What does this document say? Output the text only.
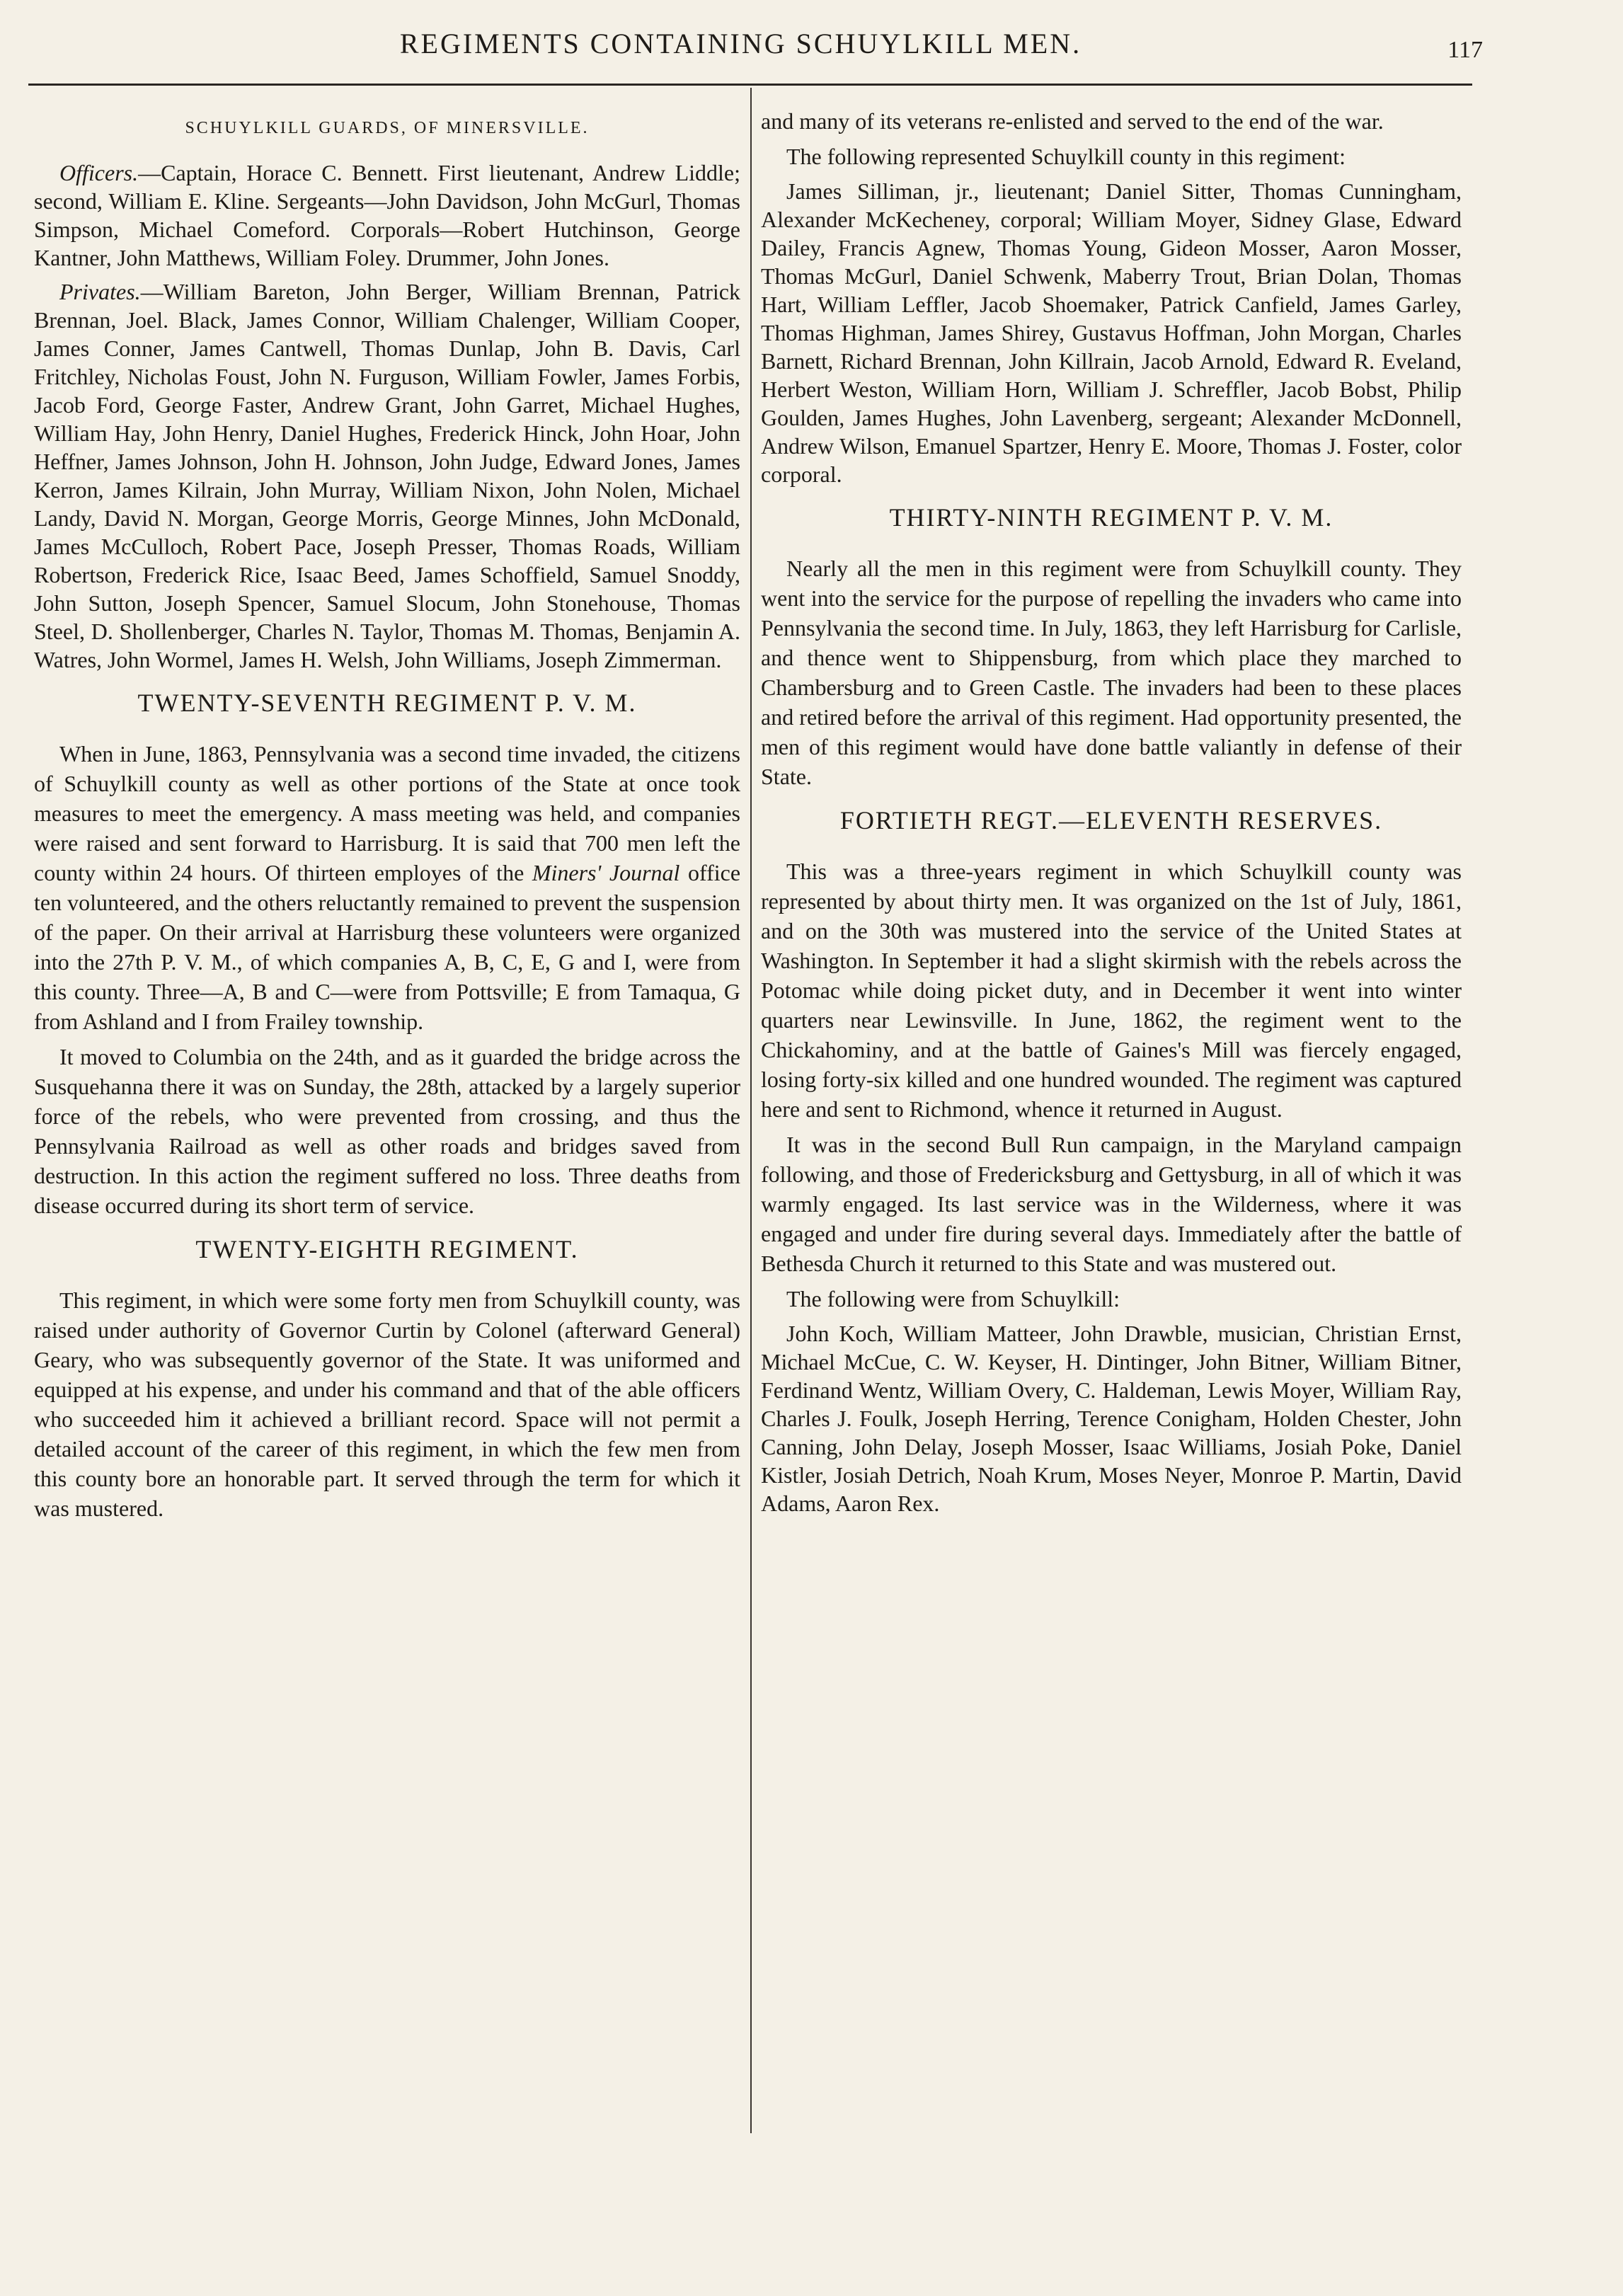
REGIMENTS CONTAINING SCHUYLKILL MEN.	117
SCHUYLKILL GUARDS, OF MINERSVILLE.

Officers.—Captain, Horace C. Bennett. First lieutenant, Andrew Liddle; second, William E. Kline. Sergeants—John Davidson, John McGurl, Thomas Simpson, Michael Comeford. Corporals—Robert Hutchinson, George Kantner, John Matthews, William Foley. Drummer, John Jones.

Privates.—William Bareton, John Berger, William Brennan, Patrick Brennan, Joel. Black, James Connor, William Chalenger, William Cooper, James Conner, James Cantwell, Thomas Dunlap, John B. Davis, Carl Fritchley, Nicholas Foust, John N. Furguson, William Fowler, James Forbis, Jacob Ford, George Faster, Andrew Grant, John Garret, Michael Hughes, William Hay, John Henry, Daniel Hughes, Frederick Hinck, John Hoar, John Heffner, James Johnson, John H. Johnson, John Judge, Edward Jones, James Kerron, James Kilrain, John Murray, William Nixon, John Nolen, Michael Landy, David N. Morgan, George Morris, George Minnes, John McDonald, James McCulloch, Robert Pace, Joseph Presser, Thomas Roads, William Robertson, Frederick Rice, Isaac Beed, James Schoffield, Samuel Snoddy, John Sutton, Joseph Spencer, Samuel Slocum, John Stonehouse, Thomas Steel, D. Shollenberger, Charles N. Taylor, Thomas M. Thomas, Benjamin A. Watres, John Wormel, James H. Welsh, John Williams, Joseph Zimmerman.

TWENTY-SEVENTH REGIMENT P. V. M.

When in June, 1863, Pennsylvania was a second time invaded, the citizens of Schuylkill county as well as other portions of the State at once took measures to meet the emergency. A mass meeting was held, and companies were raised and sent forward to Harrisburg. It is said that 700 men left the county within 24 hours. Of thirteen employes of the Miners' Journal office ten volunteered, and the others reluctantly remained to prevent the suspension of the paper. On their arrival at Harrisburg these volunteers were organized into the 27th P. V. M., of which companies A, B, C, E, G and I, were from this county. Three—A, B and C—were from Pottsville; E from Tamaqua, G from Ashland and I from Frailey township.

It moved to Columbia on the 24th, and as it guarded the bridge across the Susquehanna there it was on Sunday, the 28th, attacked by a largely superior force of the rebels, who were prevented from crossing, and thus the Pennsylvania Railroad as well as other roads and bridges saved from destruction. In this action the regiment suffered no loss. Three deaths from disease occurred during its short term of service.

TWENTY-EIGHTH REGIMENT.

This regiment, in which were some forty men from Schuylkill county, was raised under authority of Governor Curtin by Colonel (afterward General) Geary, who was subsequently governor of the State. It was uniformed and equipped at his expense, and under his command and that of the able officers who succeeded him it achieved a brilliant record. Space will not permit a detailed account of the career of this regiment, in which the few men from this county bore an honorable part. It served through the term for which it was mustered.

and many of its veterans re-enlisted and served to the end of the war.

The following represented Schuylkill county in this regiment:

James Silliman, jr., lieutenant; Daniel Sitter, Thomas Cunningham, Alexander McKecheney, corporal; William Moyer, Sidney Glase, Edward Dailey, Francis Agnew, Thomas Young, Gideon Mosser, Aaron Mosser, Thomas McGurl, Daniel Schwenk, Maberry Trout, Brian Dolan, Thomas Hart, William Leffler, Jacob Shoemaker, Patrick Canfield, James Garley, Thomas Highman, James Shirey, Gustavus Hoffman, John Morgan, Charles Barnett, Richard Brennan, John Killrain, Jacob Arnold, Edward R. Eveland, Herbert Weston, William Horn, William J. Schreffler, Jacob Bobst, Philip Goulden, James Hughes, John Lavenberg, sergeant; Alexander McDonnell, Andrew Wilson, Emanuel Spartzer, Henry E. Moore, Thomas J. Foster, color corporal.

THIRTY-NINTH REGIMENT P. V. M.

Nearly all the men in this regiment were from Schuylkill county. They went into the service for the purpose of repelling the invaders who came into Pennsylvania the second time. In July, 1863, they left Harrisburg for Carlisle, and thence went to Shippensburg, from which place they marched to Chambersburg and to Green Castle. The invaders had been to these places and retired before the arrival of this regiment. Had opportunity presented, the men of this regiment would have done battle valiantly in defense of their State.

FORTIETH REGT.—ELEVENTH RESERVES.

This was a three-years regiment in which Schuylkill county was represented by about thirty men. It was organized on the 1st of July, 1861, and on the 30th was mustered into the service of the United States at Washington. In September it had a slight skirmish with the rebels across the Potomac while doing picket duty, and in December it went into winter quarters near Lewinsville. In June, 1862, the regiment went to the Chickahominy, and at the battle of Gaines's Mill was fiercely engaged, losing forty-six killed and one hundred wounded. The regiment was captured here and sent to Richmond, whence it returned in August.

It was in the second Bull Run campaign, in the Maryland campaign following, and those of Fredericksburg and Gettysburg, in all of which it was warmly engaged. Its last service was in the Wilderness, where it was engaged and under fire during several days. Immediately after the battle of Bethesda Church it returned to this State and was mustered out.

The following were from Schuylkill:

John Koch, William Matteer, John Drawble, musician, Christian Ernst, Michael McCue, C. W. Keyser, H. Dintinger, John Bitner, William Bitner, Ferdinand Wentz, William Overy, C. Haldeman, Lewis Moyer, William Ray, Charles J. Foulk, Joseph Herring, Terence Conigham, Holden Chester, John Canning, John Delay, Joseph Mosser, Isaac Williams, Josiah Poke, Daniel Kistler, Josiah Detrich, Noah Krum, Moses Neyer, Monroe P. Martin, David Adams, Aaron Rex.
